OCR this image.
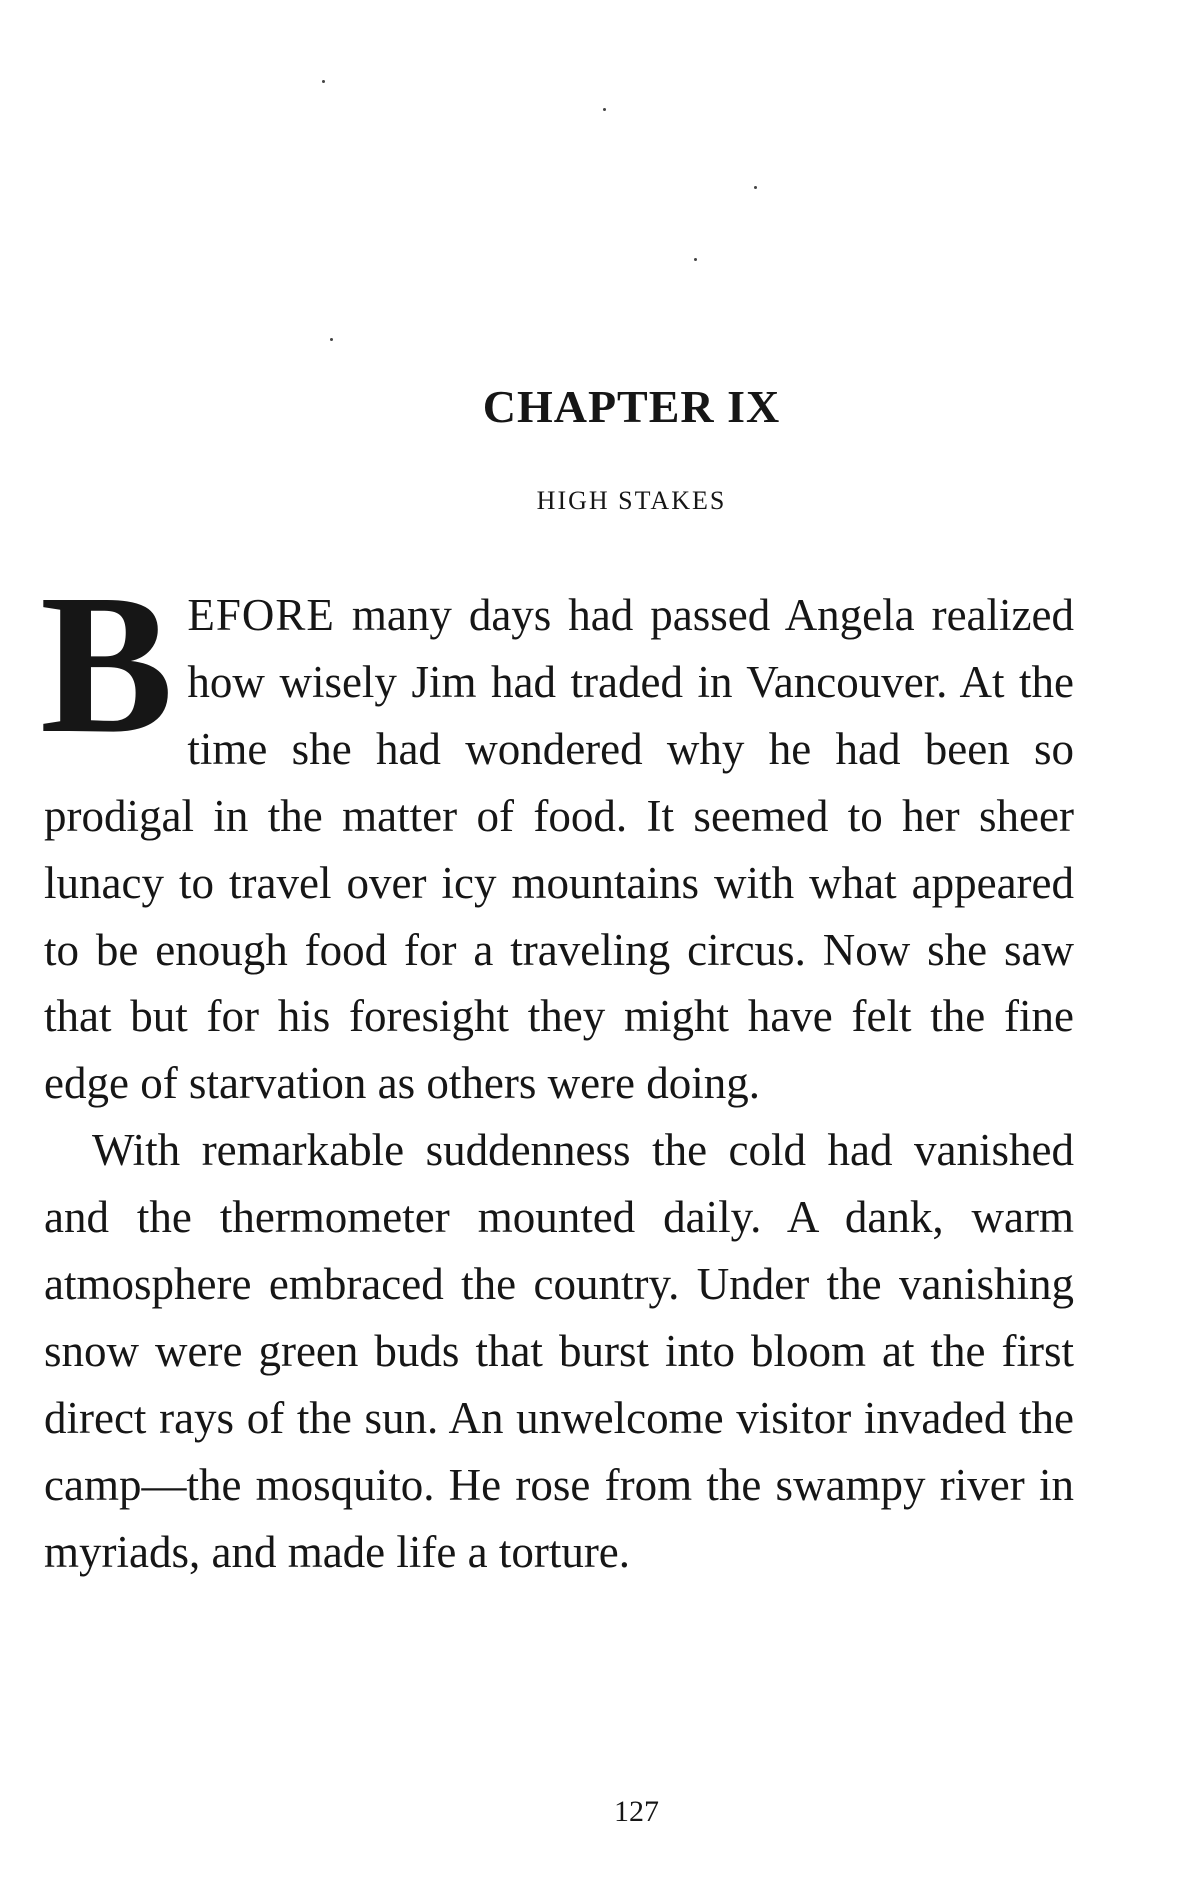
CHAPTER IX
HIGH STAKES

BEFORE many days had passed Angela realized how wisely Jim had traded in Vancouver. At the time she had wondered why he had been so prodigal in the matter of food. It seemed to her sheer lunacy to travel over icy mountains with what appeared to be enough food for a traveling circus. Now she saw that but for his foresight they might have felt the fine edge of starvation as others were doing.

With remarkable suddenness the cold had vanished and the thermometer mounted daily. A dank, warm atmosphere embraced the country. Under the vanishing snow were green buds that burst into bloom at the first direct rays of the sun. An unwelcome visitor invaded the camp—the mosquito. He rose from the swampy river in myriads, and made life a torture.

127
